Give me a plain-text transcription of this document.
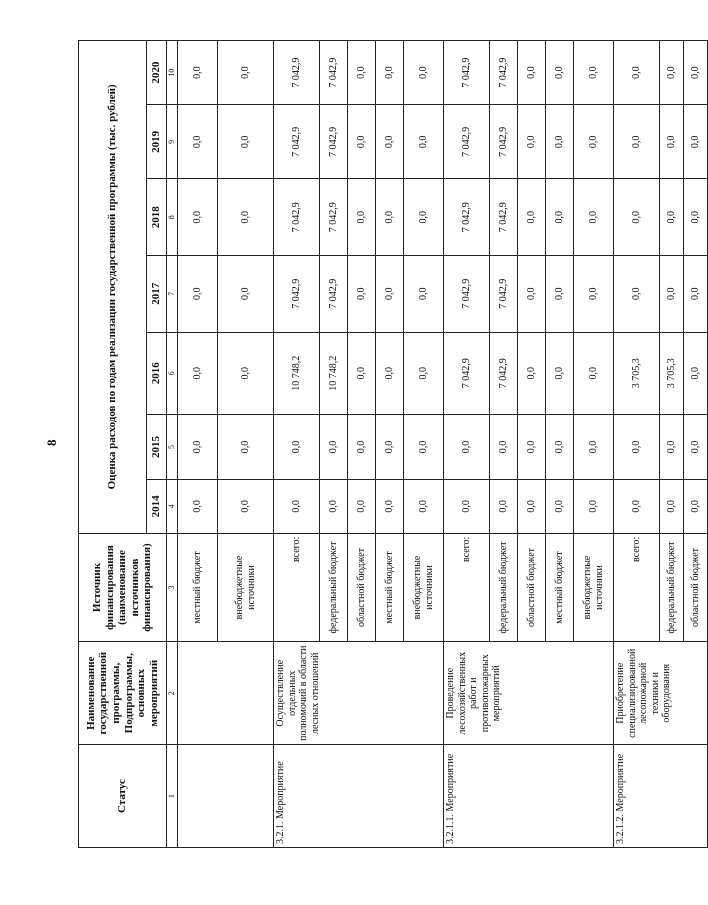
8
Статус	Наименование государственной программы, Подпрограммы, основных мероприятий	Источник финансирования (наименование источников финансирования)	Оценка расходов по годам реализации государственной программы (тыс. рублей)						
			2014	2015	2016	2017	2018	2019	2020
1	2	3	4	5	6	7	8	9	10
		местный бюджет	0,0	0,0	0,0	0,0	0,0	0,0	0,0
		внебюджетные источники	0,0	0,0	0,0	0,0	0,0	0,0	0,0
3.2.1. Мероприятие	Осуществление отдельных полномочий в области лесных отношений	всего:	0,0	0,0	10 748,2	7 042,9	7 042,9	7 042,9	7 042,9
		федеральный бюджет	0,0	0,0	10 748,2	7 042,9	7 042,9	7 042,9	7 042,9
		областной бюджет	0,0	0,0	0,0	0,0	0,0	0,0	0,0
		местный бюджет	0,0	0,0	0,0	0,0	0,0	0,0	0,0
		внебюджетные источники	0,0	0,0	0,0	0,0	0,0	0,0	0,0
3.2.1.1. Мероприятие	Проведение лесохозяйственных работ и противопожарных мероприятий	всего:	0,0	0,0	7 042,9	7 042,9	7 042,9	7 042,9	7 042,9
		федеральный бюджет	0,0	0,0	7 042,9	7 042,9	7 042,9	7 042,9	7 042,9
		областной бюджет	0,0	0,0	0,0	0,0	0,0	0,0	0,0
		местный бюджет	0,0	0,0	0,0	0,0	0,0	0,0	0,0
		внебюджетные источники	0,0	0,0	0,0	0,0	0,0	0,0	0,0
3.2.1.2. Мероприятие	Приобретение специализированной лесопожарной техники и оборудования	всего:	0,0	0,0	3 705,3	0,0	0,0	0,0	0,0
		федеральный бюджет	0,0	0,0	3 705,3	0,0	0,0	0,0	0,0
		областной бюджет	0,0	0,0	0,0	0,0	0,0	0,0	0,0
